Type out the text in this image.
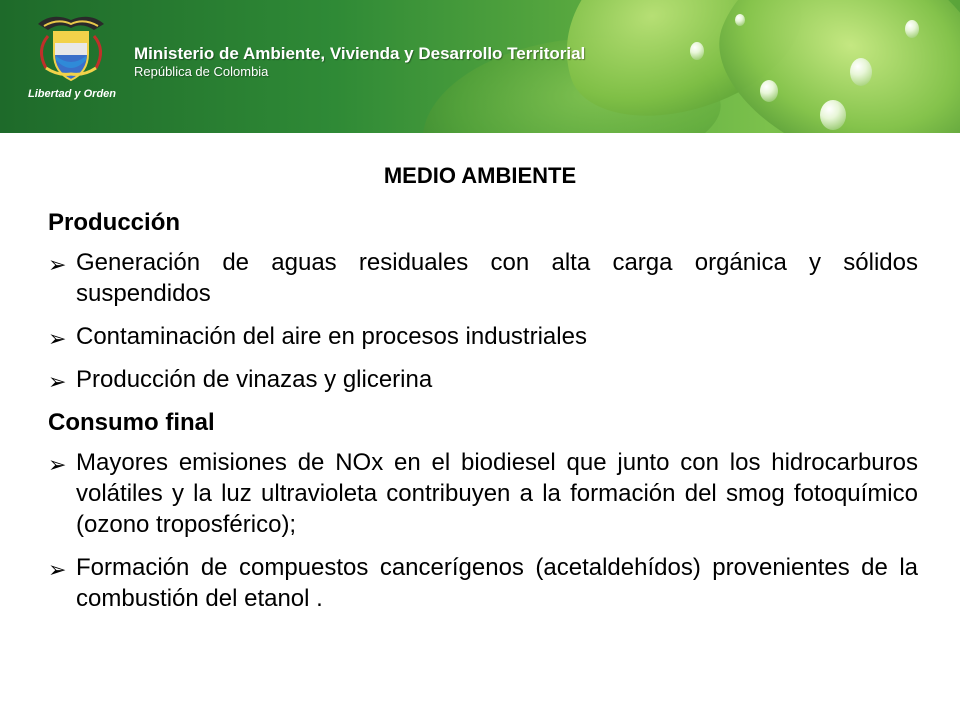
Libertad y Orden
Ministerio de Ambiente, Vivienda y Desarrollo Territorial
República de Colombia
MEDIO AMBIENTE
Producción
➢ Generación de aguas residuales con alta carga orgánica y sólidos suspendidos
➢ Contaminación del aire en procesos industriales
➢ Producción de vinazas y glicerina
Consumo final
➢ Mayores emisiones de NOx en el biodiesel que junto con los hidrocarburos volátiles y la luz ultravioleta contribuyen a la formación del smog fotoquímico (ozono troposférico);
➢ Formación de compuestos cancerígenos (acetaldehídos) provenientes de la combustión del etanol .
